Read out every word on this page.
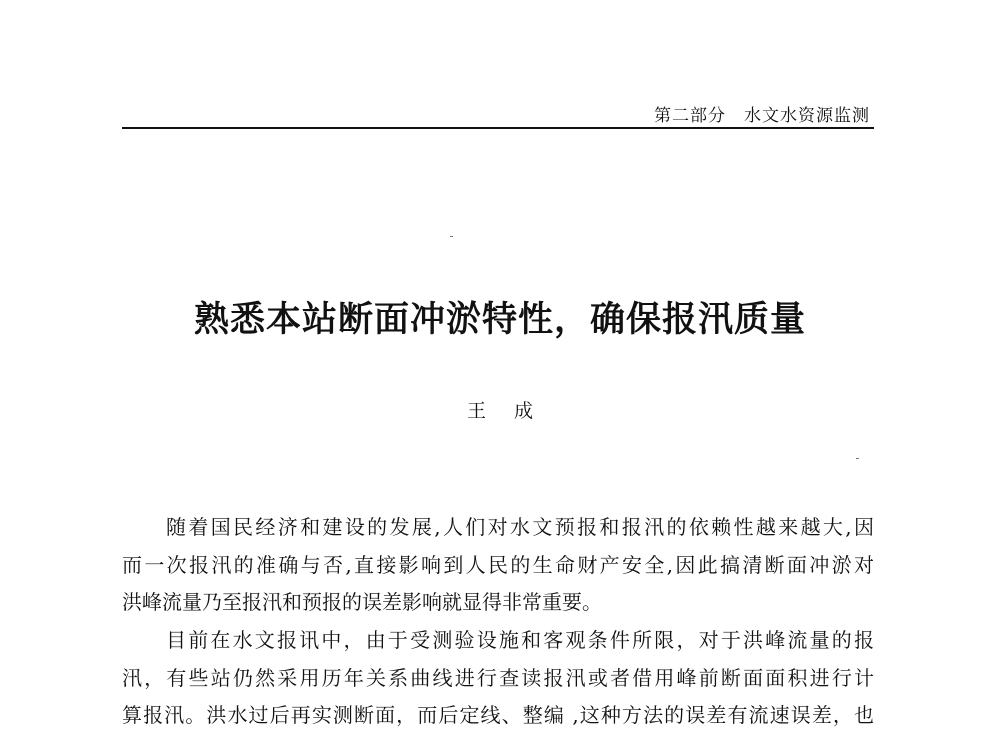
第二部分　水文水资源监测
熟悉本站断面冲淤特性，确保报汛质量
王成
随着国民经济和建设的发展,人们对水文预报和报汛的依赖性越来越大,因
而一次报汛的准确与否,直接影响到人民的生命财产安全,因此搞清断面冲淤对
洪峰流量乃至报汛和预报的误差影响就显得非常重要。
目前在水文报讯中，由于受测验设施和客观条件所限，对于洪峰流量的报
汛，有些站仍然采用历年关系曲线进行查读报汛或者借用峰前断面面积进行计
算报汛。洪水过后再实测断面，而后定线、整编 ,这种方法的误差有流速误差，也
